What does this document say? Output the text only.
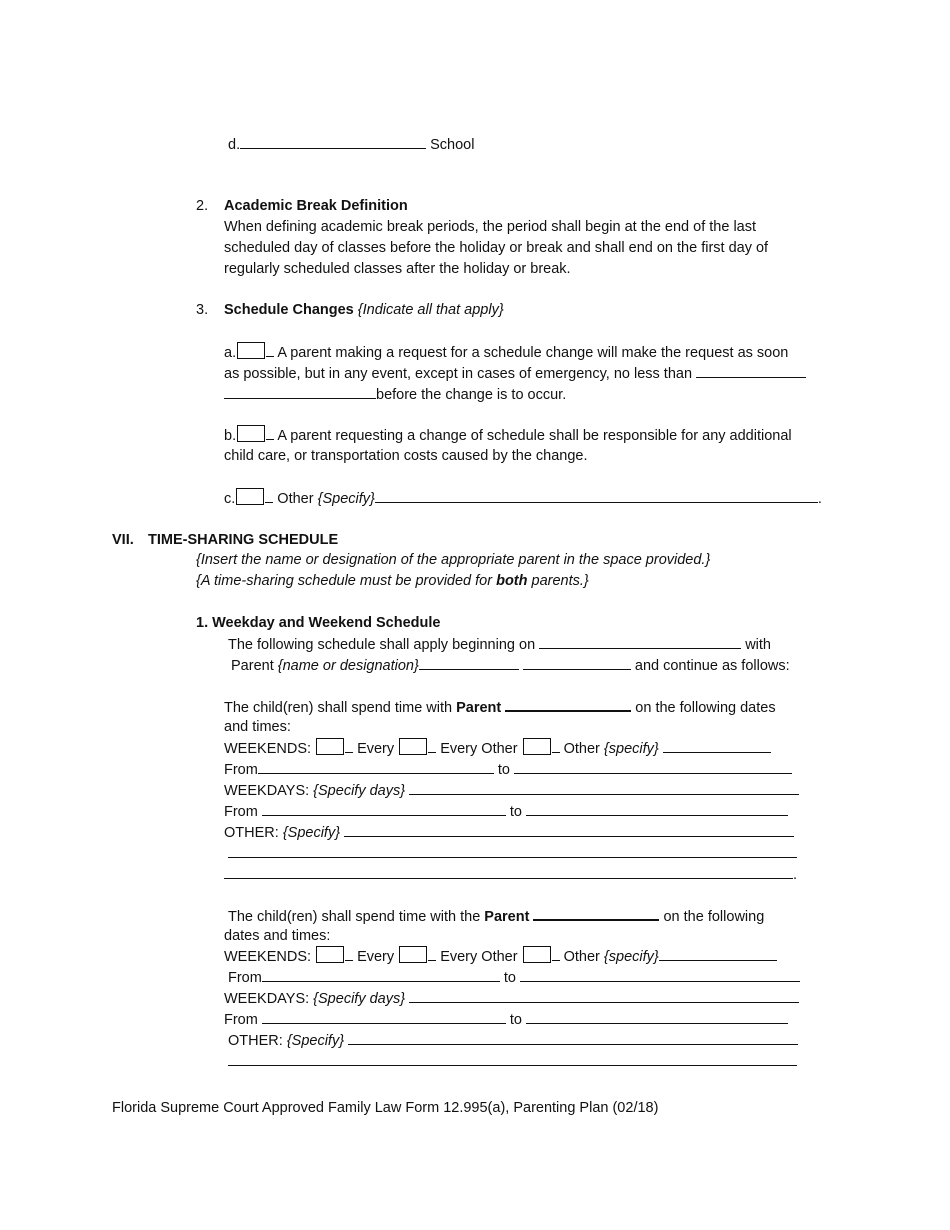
d.	School
2. Academic Break Definition
When defining academic break periods, the period shall begin at the end of the last
scheduled day of classes before the holiday or break and shall end on the first day of
regularly scheduled classes after the holiday or break.
3. Schedule Changes {Indicate all that apply}
a.	A parent making a request for a schedule change will make the request as soon
as possible, but in any event, except in cases of emergency, no less than
before the change is to occur.
b.	A parent requesting a change of schedule shall be responsible for any additional
child care, or transportation costs caused by the change.
c.	Other {Specify}	.
VII. TIME-SHARING SCHEDULE
{Insert the name or designation of the appropriate parent in the space provided.}
{A time-sharing schedule must be provided for both parents.}
1. Weekday and Weekend Schedule
The following schedule shall apply beginning on	with
Parent {name or designation}	and continue as follows:
The child(ren) shall spend time with Parent	on the following dates
and times:
WEEKENDS:	Every	Every Other	Other {specify}
From	to
WEEKDAYS: {Specify days}
From	to
OTHER: {Specify}
.
The child(ren) shall spend time with the Parent	on the following
dates and times:
WEEKENDS:	Every	Every Other	Other {specify}
From	to
WEEKDAYS: {Specify days}
From	to
OTHER: {Specify}
Florida Supreme Court Approved Family Law Form 12.995(a), Parenting Plan (02/18)
